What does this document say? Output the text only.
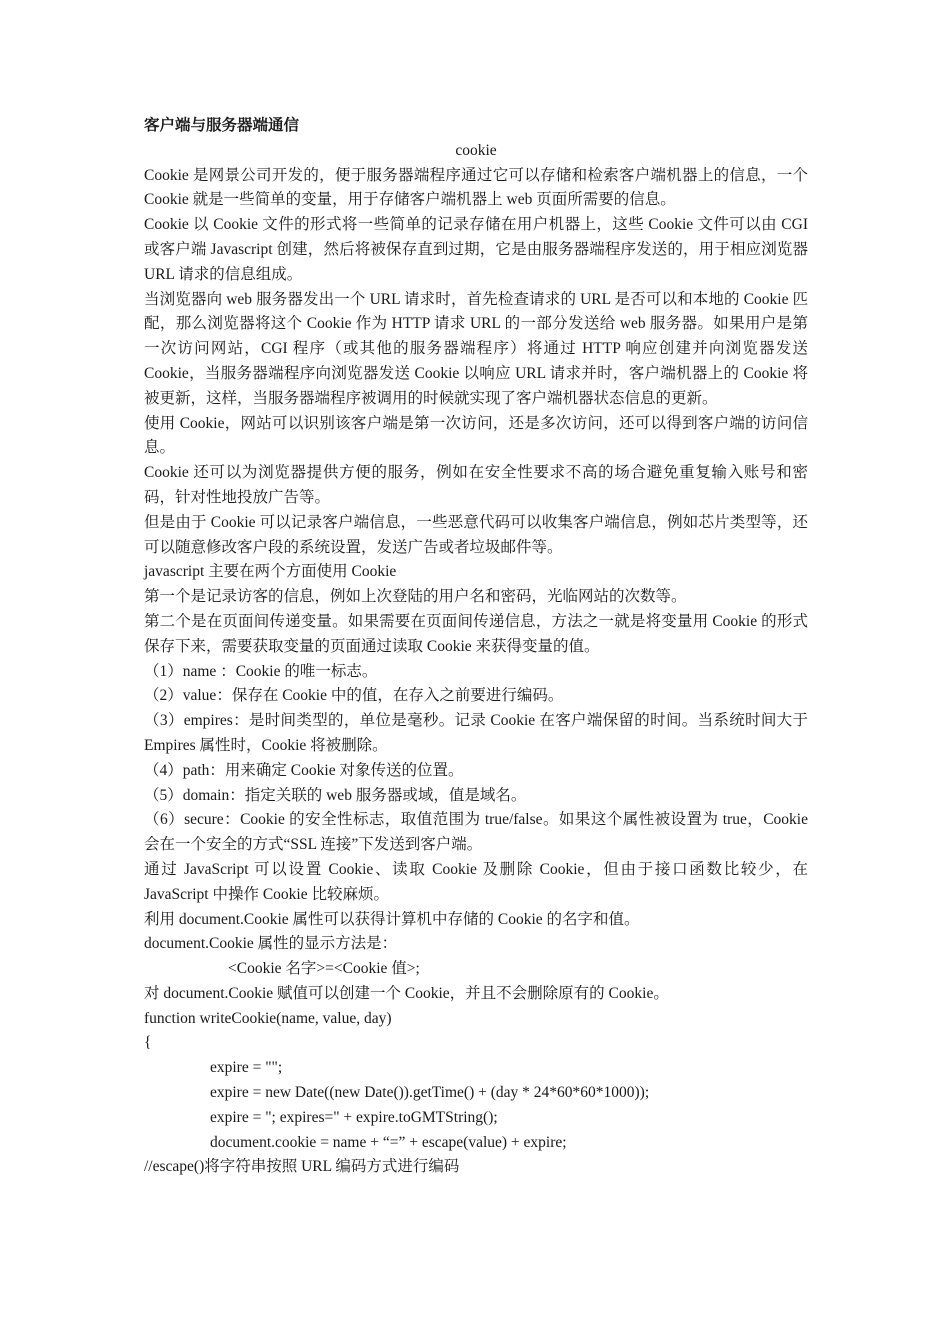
客户端与服务器端通信
cookie
Cookie 是网景公司开发的，便于服务器端程序通过它可以存储和检索客户端机器上的信息，一个 Cookie 就是一些简单的变量，用于存储客户端机器上 web 页面所需要的信息。
Cookie 以 Cookie 文件的形式将一些简单的记录存储在用户机器上，这些 Cookie 文件可以由 CGI 或客户端 Javascript 创建，然后将被保存直到过期，它是由服务器端程序发送的，用于相应浏览器 URL 请求的信息组成。
当浏览器向 web 服务器发出一个 URL 请求时，首先检查请求的 URL 是否可以和本地的 Cookie 匹配，那么浏览器将这个 Cookie 作为 HTTP 请求 URL 的一部分发送给 web 服务器。如果用户是第一次访问网站，CGI 程序（或其他的服务器端程序）将通过 HTTP 响应创建并向浏览器发送 Cookie，当服务器端程序向浏览器发送 Cookie 以响应 URL 请求并时，客户端机器上的 Cookie 将被更新，这样，当服务器端程序被调用的时候就实现了客户端机器状态信息的更新。
使用 Cookie，网站可以识别该客户端是第一次访问，还是多次访问，还可以得到客户端的访问信息。
Cookie 还可以为浏览器提供方便的服务，例如在安全性要求不高的场合避免重复输入账号和密码，针对性地投放广告等。
但是由于 Cookie 可以记录客户端信息，一些恶意代码可以收集客户端信息，例如芯片类型等，还可以随意修改客户段的系统设置，发送广告或者垃圾邮件等。
javascript 主要在两个方面使用 Cookie
第一个是记录访客的信息，例如上次登陆的用户名和密码，光临网站的次数等。
第二个是在页面间传递变量。如果需要在页面间传递信息，方法之一就是将变量用 Cookie 的形式保存下来，需要获取变量的页面通过读取 Cookie 来获得变量的值。
（1）name ：Cookie 的唯一标志。
（2）value：保存在 Cookie 中的值，在存入之前要进行编码。
（3）empires：是时间类型的，单位是毫秒。记录 Cookie 在客户端保留的时间。当系统时间大于 Empires 属性时，Cookie 将被删除。
（4）path：用来确定 Cookie 对象传送的位置。
（5）domain：指定关联的 web 服务器或域，值是域名。
（6）secure：Cookie 的安全性标志，取值范围为 true/false。如果这个属性被设置为 true，Cookie 会在一个安全的方式“SSL 连接”下发送到客户端。
通过 JavaScript 可以设置 Cookie、读取 Cookie 及删除 Cookie，但由于接口函数比较少，在 JavaScript 中操作 Cookie 比较麻烦。
利用 document.Cookie 属性可以获得计算机中存储的 Cookie 的名字和值。
document.Cookie 属性的显示方法是：
<Cookie 名字>=<Cookie 值>;
对 document.Cookie 赋值可以创建一个 Cookie，并且不会删除原有的 Cookie。
function writeCookie(name, value, day)
{
expire = "";
expire = new Date((new Date()).getTime() + (day * 24*60*60*1000));
expire = "; expires=" + expire.toGMTString();
document.cookie = name + “=” + escape(value) + expire;
//escape()将字符串按照 URL 编码方式进行编码
